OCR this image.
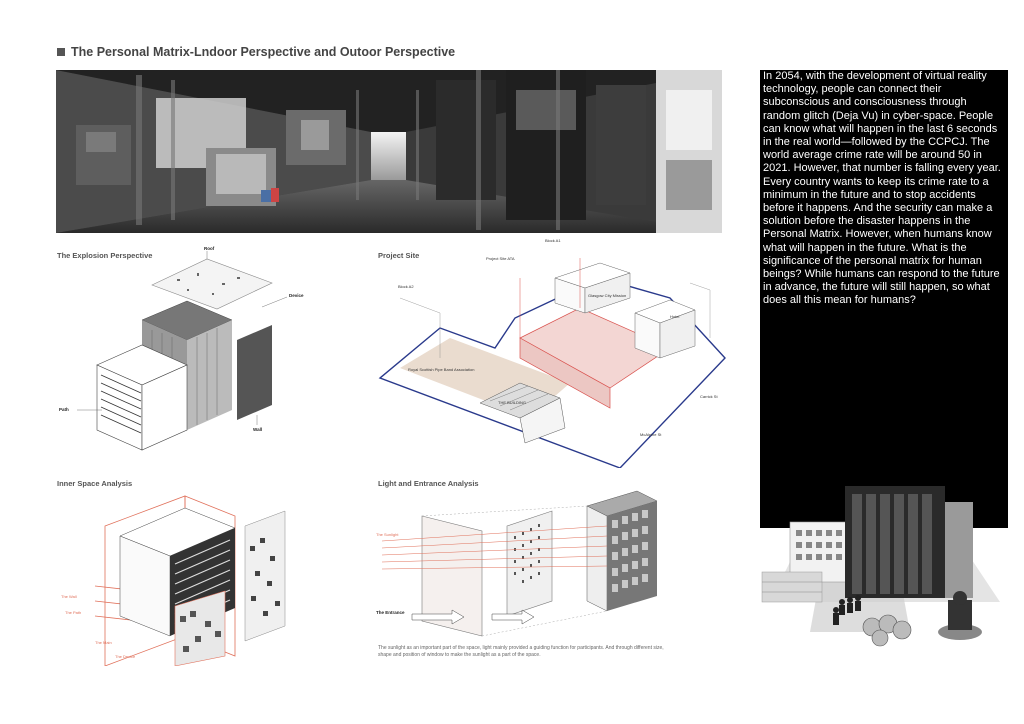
The Personal Matrix-Lndoor Perspective and Outoor Perspective

In 2054, with the development of virtual reality technology, people can connect their subconscious and consciousness through random glitch (Deja Vu) in cyber-space. People can know what will happen in the last 6 seconds in the real world—followed by the CCPCJ. The world average crime rate will be around 50 in 2021. However, that number is falling every year. Every country wants to keep its crime rate to a minimum in the future and to stop accidents before it happens. And the security can make a solution before the disaster happens in the Personal Matrix. However, when humans know what will happen in the future. What is the significance of the personal matrix for human beings? While humans can respond to the future in advance, the future will still happen, so what does all this mean for humans?

The Explosion Perspective	Project Site
Inner Space Analysis	Light and Entrance Analysis
Roof
Device
Path
Wall
Block A1
Project Site ATA
Block A2
Glasgow City Mission
Hotel
Royal Scottish Pipe Band Association
THE BUILDING
Carrick St
McAlpine St
The Wall
The Path
The Main
The Device
The Sunlight
The Entrance
The sunlight as an important part of the space, light mainly provided a guiding function for participants. And through different size, shape and position of window to make the sunlight as a part of the space.
